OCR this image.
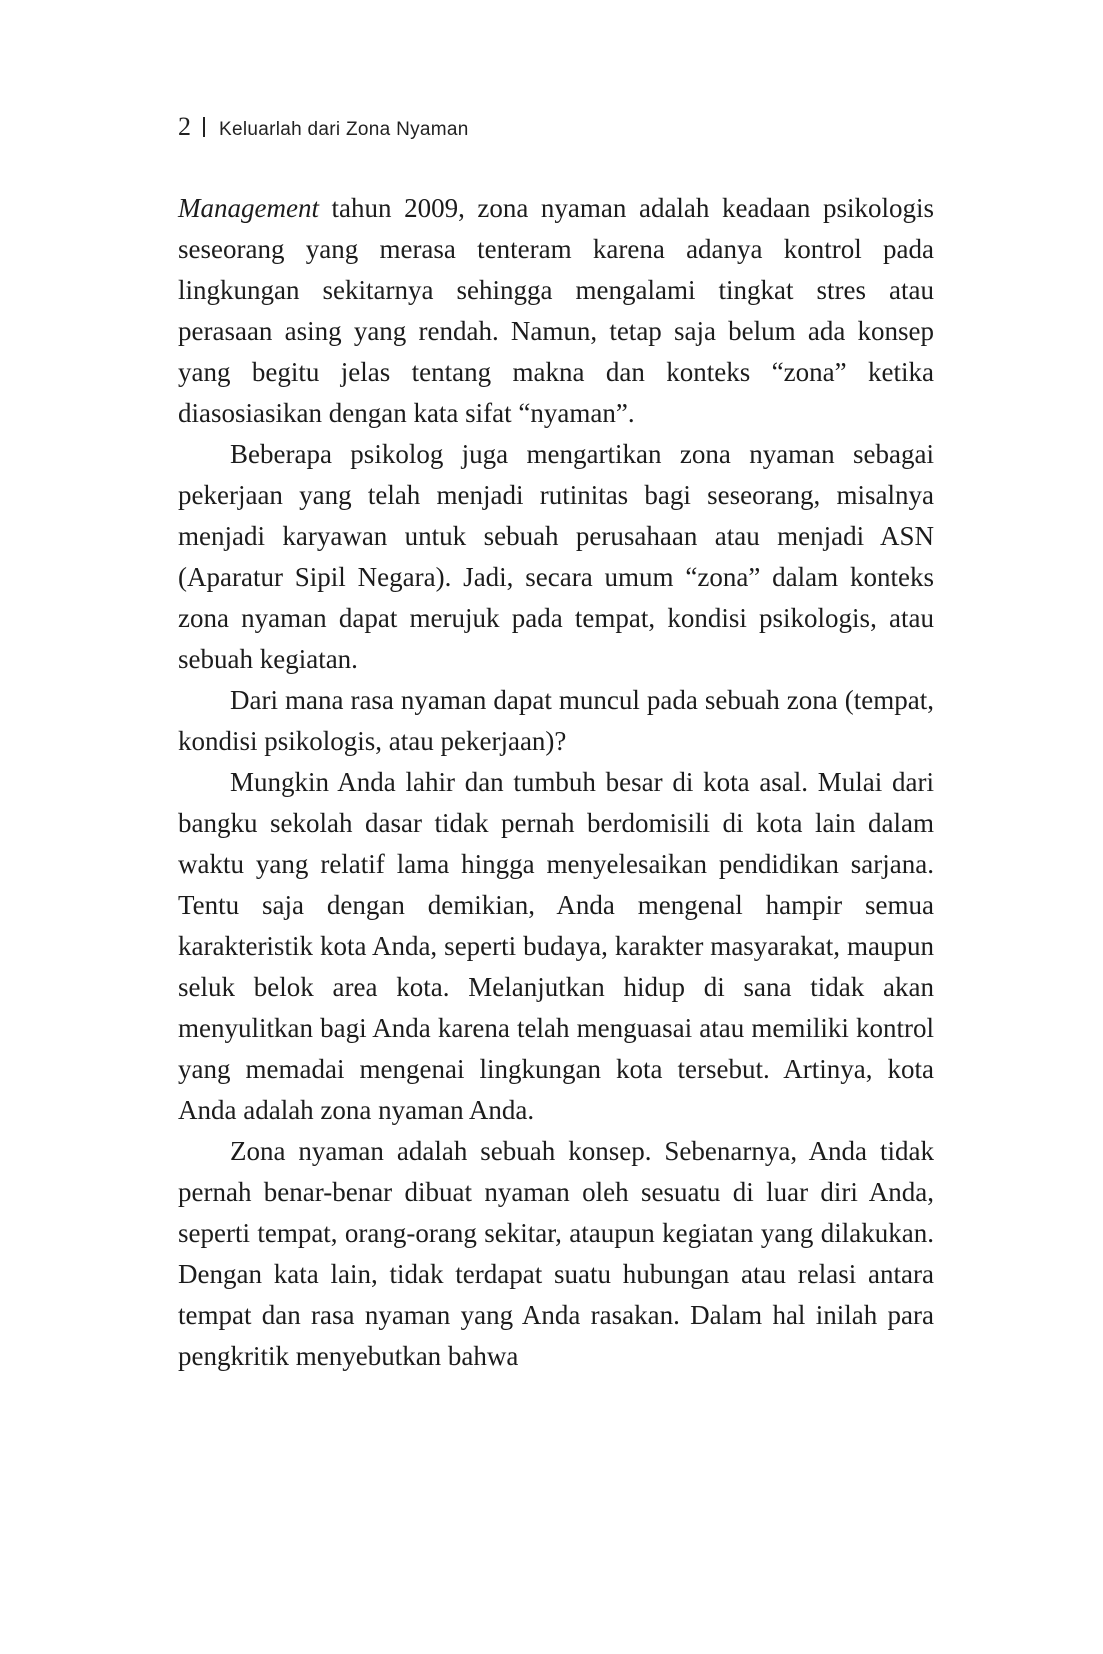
2 Keluarlah dari Zona Nyaman

Management tahun 2009, zona nyaman adalah keadaan psikologis seseorang yang merasa tenteram karena adanya kontrol pada lingkungan sekitarnya sehingga mengalami tingkat stres atau perasaan asing yang rendah. Namun, tetap saja belum ada konsep yang begitu jelas tentang makna dan konteks “zona” ketika diasosiasikan dengan kata sifat “nyaman”.

Beberapa psikolog juga mengartikan zona nyaman sebagai pekerjaan yang telah menjadi rutinitas bagi seseorang, misalnya menjadi karyawan untuk sebuah perusahaan atau menjadi ASN (Aparatur Sipil Negara). Jadi, secara umum “zona” dalam konteks zona nyaman dapat merujuk pada tempat, kondisi psikologis, atau sebuah kegiatan.

Dari mana rasa nyaman dapat muncul pada sebuah zona (tempat, kondisi psikologis, atau pekerjaan)?

Mungkin Anda lahir dan tumbuh besar di kota asal. Mulai dari bangku sekolah dasar tidak pernah berdomisili di kota lain dalam waktu yang relatif lama hingga menyelesaikan pendidikan sarjana. Tentu saja dengan demikian, Anda mengenal hampir semua karakteristik kota Anda, seperti budaya, karakter masyarakat, maupun seluk belok area kota. Melanjutkan hidup di sana tidak akan menyulitkan bagi Anda karena telah menguasai atau memiliki kontrol yang memadai mengenai lingkungan kota tersebut. Artinya, kota Anda adalah zona nyaman Anda.

Zona nyaman adalah sebuah konsep. Sebenarnya, Anda tidak pernah benar-benar dibuat nyaman oleh sesuatu di luar diri Anda, seperti tempat, orang-orang sekitar, ataupun kegiatan yang dilakukan. Dengan kata lain, tidak terdapat suatu hubungan atau relasi antara tempat dan rasa nyaman yang Anda rasakan. Dalam hal inilah para pengkritik menyebutkan bahwa
